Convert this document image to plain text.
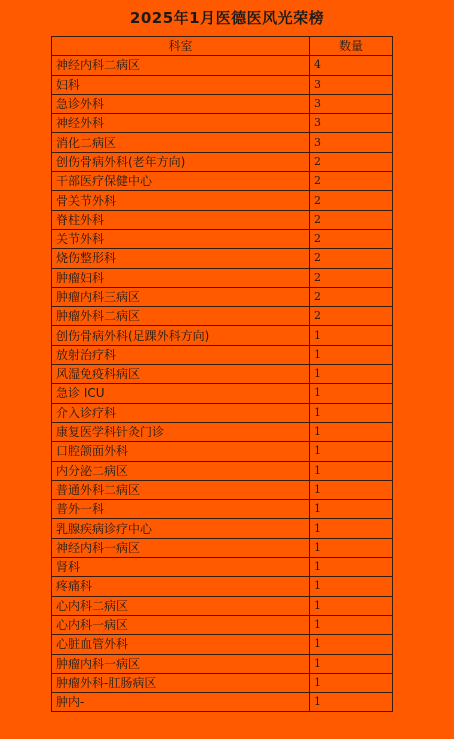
2025年1月医德医风光荣榜
科室	数量
神经内科二病区	4
妇科	3
急诊外科	3
神经外科	3
消化二病区	3
创伤骨病外科(老年方向)	2
干部医疗保健中心	2
骨关节外科	2
脊柱外科	2
关节外科	2
烧伤整形科	2
肿瘤妇科	2
肿瘤内科三病区	2
肿瘤外科二病区	2
创伤骨病外科(足踝外科方向)	1
放射治疗科	1
风湿免疫科病区	1
急诊 ICU	1
介入诊疗科	1
康复医学科针灸门诊	1
口腔颌面外科	1
内分泌二病区	1
普通外科二病区	1
普外一科	1
乳腺疾病诊疗中心	1
神经内科一病区	1
肾科	1
疼痛科	1
心内科二病区	1
心内科一病区	1
心脏血管外科	1
肿瘤内科一病区	1
肿瘤外科-肛肠病区	1
肿内-	1
